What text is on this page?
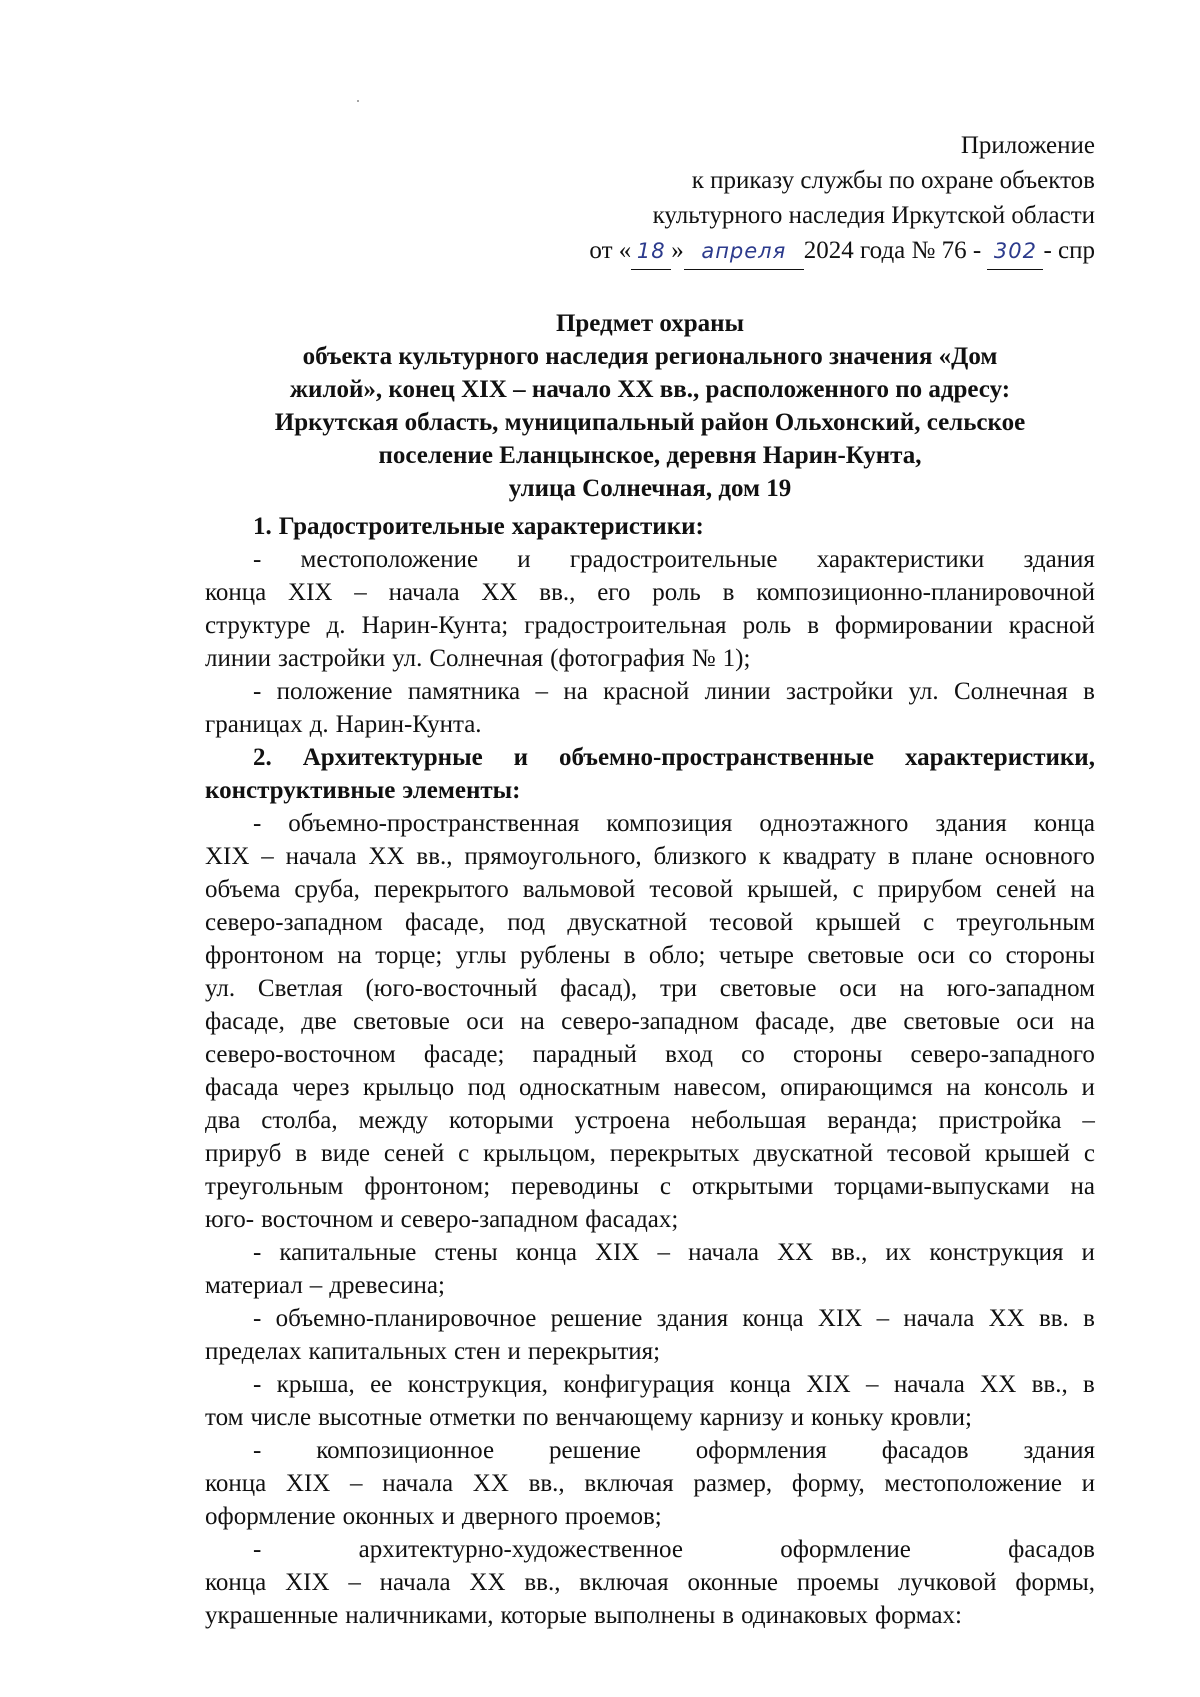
Приложение
к приказу службы по охране объектов
культурного наследия Иркутской области
от « 18 » апреля 2024 года № 76 - 302 - спр
Предмет охраны
объекта культурного наследия регионального значения «Дом
жилой», конец XIX – начало XX вв., расположенного по адресу:
Иркутская область, муниципальный район Ольхонский, сельское
поселение Еланцынское, деревня Нарин-Кунта,
улица Солнечная, дом 19
1. Градостроительные характеристики:
- местоположение и градостроительные характеристики здания
конца XIX – начала XX вв., его роль в композиционно-планировочной
структуре д. Нарин-Кунта; градостроительная роль в формировании красной
линии застройки ул. Солнечная (фотография № 1);
- положение памятника – на красной линии застройки ул. Солнечная в
границах д. Нарин-Кунта.
2. Архитектурные и объемно-пространственные характеристики,
конструктивные элементы:
- объемно-пространственная композиция одноэтажного здания конца
XIX – начала XX вв., прямоугольного, близкого к квадрату в плане основного
объема сруба, перекрытого вальмовой тесовой крышей, с прирубом сеней на
северо-западном фасаде, под двускатной тесовой крышей с треугольным
фронтоном на торце; углы рублены в обло; четыре световые оси со стороны
ул. Светлая (юго-восточный фасад), три световые оси на юго-западном
фасаде, две световые оси на северо-западном фасаде, две световые оси на
северо-восточном фасаде; парадный вход со стороны северо-западного
фасада через крыльцо под односкатным навесом, опирающимся на консоль и
два столба, между которыми устроена небольшая веранда; пристройка –
прируб в виде сеней с крыльцом, перекрытых двускатной тесовой крышей с
треугольным фронтоном; переводины с открытыми торцами-выпусками на
юго- восточном и северо-западном фасадах;
- капитальные стены конца XIX – начала XX вв., их конструкция и
материал – древесина;
- объемно-планировочное решение здания конца XIX – начала XX вв. в
пределах капитальных стен и перекрытия;
- крыша, ее конструкция, конфигурация конца XIX – начала XX вв., в
том числе высотные отметки по венчающему карнизу и коньку кровли;
- композиционное решение оформления фасадов здания
конца XIX – начала XX вв., включая размер, форму, местоположение и
оформление оконных и дверного проемов;
-	архитектурно-художественное	оформление	фасадов
конца XIX – начала XX вв., включая оконные проемы лучковой формы,
украшенные наличниками, которые выполнены в одинаковых формах:
